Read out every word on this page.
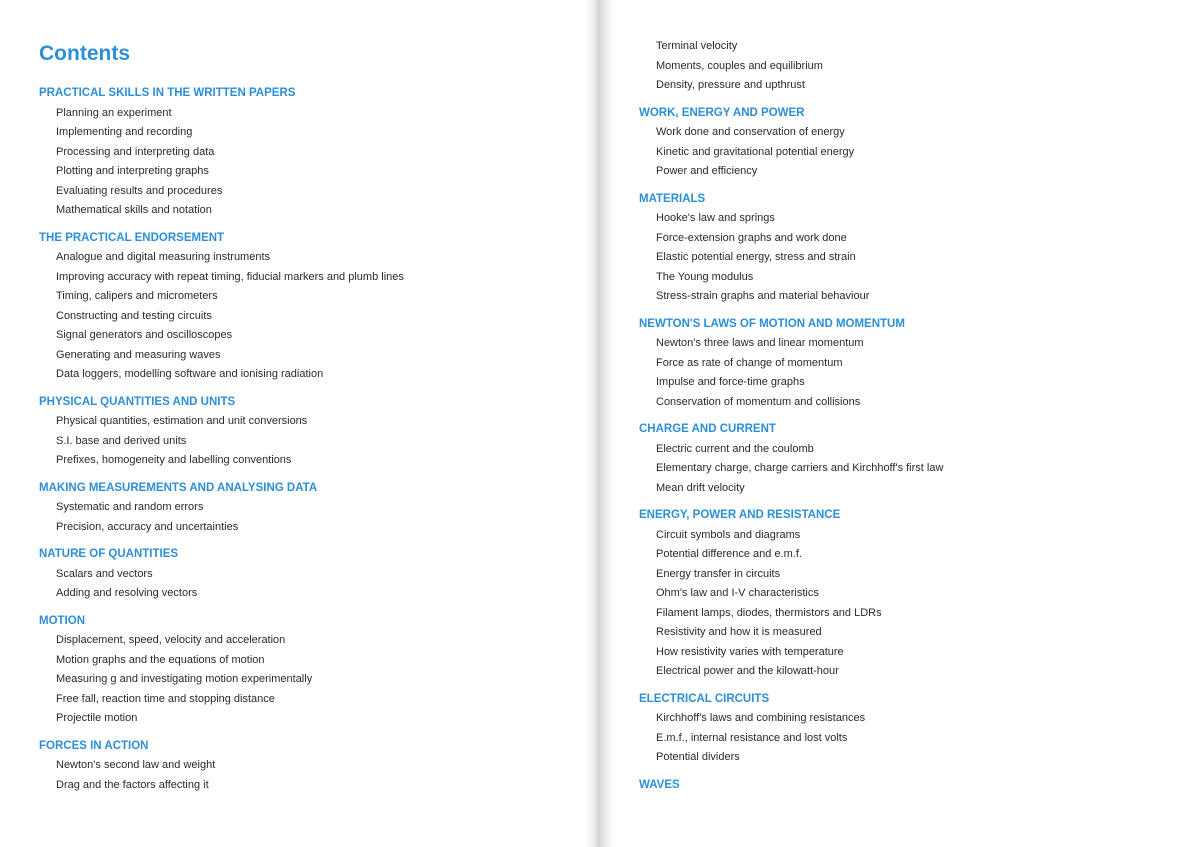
Contents
PRACTICAL SKILLS IN THE WRITTEN PAPERS
Planning an experiment
Implementing and recording
Processing and interpreting data
Plotting and interpreting graphs
Evaluating results and procedures
Mathematical skills and notation
THE PRACTICAL ENDORSEMENT
Analogue and digital measuring instruments
Improving accuracy with repeat timing, fiducial markers and plumb lines
Timing, calipers and micrometers
Constructing and testing circuits
Signal generators and oscilloscopes
Generating and measuring waves
Data loggers, modelling software and ionising radiation
PHYSICAL QUANTITIES AND UNITS
Physical quantities, estimation and unit conversions
S.I. base and derived units
Prefixes, homogeneity and labelling conventions
MAKING MEASUREMENTS AND ANALYSING DATA
Systematic and random errors
Precision, accuracy and uncertainties
NATURE OF QUANTITIES
Scalars and vectors
Adding and resolving vectors
MOTION
Displacement, speed, velocity and acceleration
Motion graphs and the equations of motion
Measuring g and investigating motion experimentally
Free fall, reaction time and stopping distance
Projectile motion
FORCES IN ACTION
Newton's second law and weight
Drag and the factors affecting it
Terminal velocity
Moments, couples and equilibrium
Density, pressure and upthrust
WORK, ENERGY AND POWER
Work done and conservation of energy
Kinetic and gravitational potential energy
Power and efficiency
MATERIALS
Hooke's law and springs
Force-extension graphs and work done
Elastic potential energy, stress and strain
The Young modulus
Stress-strain graphs and material behaviour
NEWTON'S LAWS OF MOTION AND MOMENTUM
Newton's three laws and linear momentum
Force as rate of change of momentum
Impulse and force-time graphs
Conservation of momentum and collisions
CHARGE AND CURRENT
Electric current and the coulomb
Elementary charge, charge carriers and Kirchhoff's first law
Mean drift velocity
ENERGY, POWER AND RESISTANCE
Circuit symbols and diagrams
Potential difference and e.m.f.
Energy transfer in circuits
Ohm's law and I-V characteristics
Filament lamps, diodes, thermistors and LDRs
Resistivity and how it is measured
How resistivity varies with temperature
Electrical power and the kilowatt-hour
ELECTRICAL CIRCUITS
Kirchhoff's laws and combining resistances
E.m.f., internal resistance and lost volts
Potential dividers
WAVES
